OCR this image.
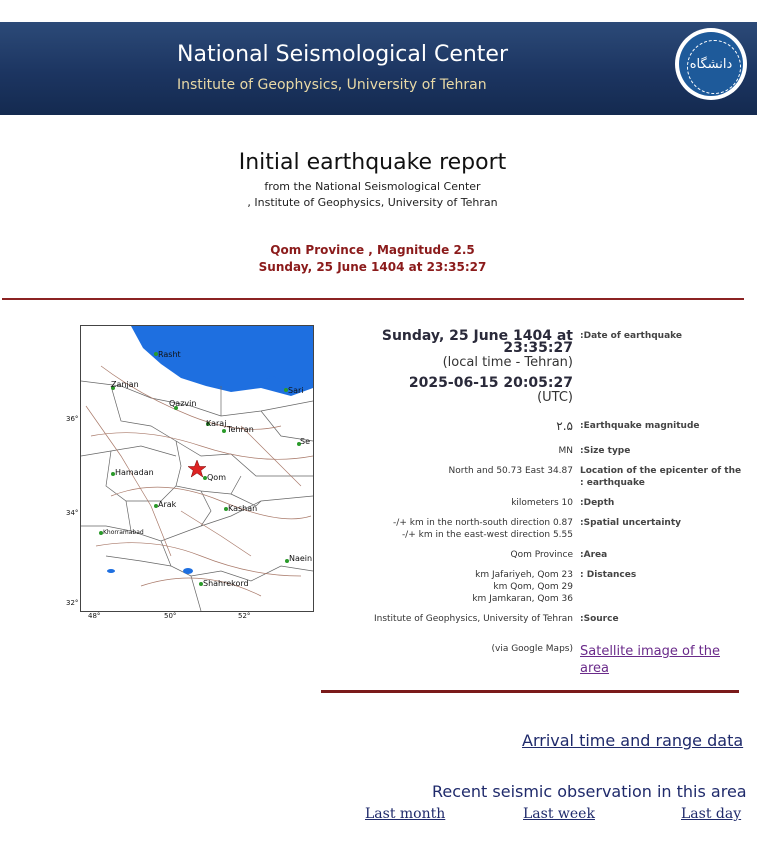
National Seismological Center
Institute of Geophysics, University of Tehran
دانشگاه
Initial earthquake report
from the National Seismological Center
, Institute of Geophysics, University of Tehran
Qom Province , Magnitude 2.5
Sunday, 25 June 1404 at 23:35:27
Rasht
Zanjan
Qazvin
Karaj
Tehran
Sari
Se
Hamadan
Qom
Arak	Kashan
Khorramabad
Naein
Shahrekord
36°
34°
32°
48°	50°	52°
Sunday, 25 June 1404 at 23:35:27
(local time - Tehran)
:Date of earthquake
2025-06-15 20:05:27
(UTC)
۲.۵ :Earthquake magnitude
MN :Size type
North and 50.73 East 34.87 Location of the epicenter of the : earthquake
kilometers 10 :Depth
-/+ km in the north-south direction 0.87 -/+ km in the east-west direction 5.55
:Spatial uncertainty
Qom Province :Area
km Jafariyeh, Qom 23
km Qom, Qom 29
km Jamkaran, Qom 36
: Distances
Institute of Geophysics, University of Tehran :Source
(via Google Maps) Satellite image of the area
Arrival time and range data
Recent seismic observation in this area
Last month	Last week	Last day
